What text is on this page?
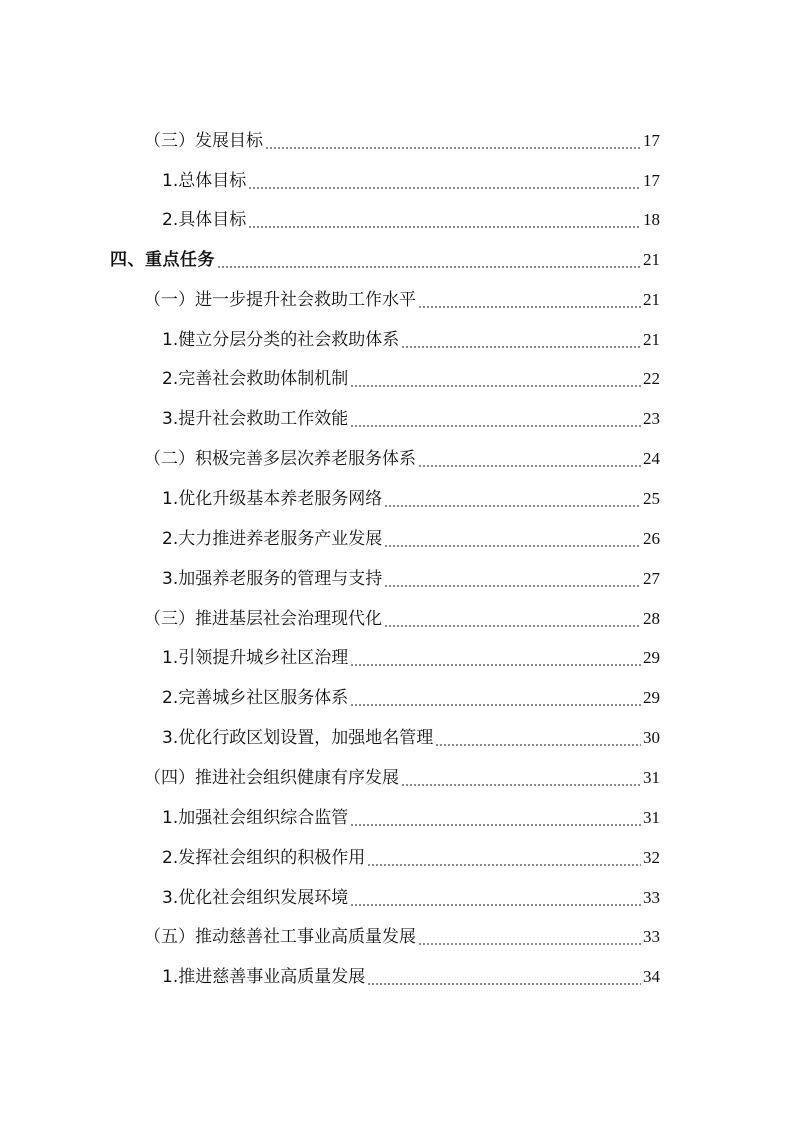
（三）发展目标	17
1.总体目标	17
2.具体目标	18
四、重点任务	21
（一）进一步提升社会救助工作水平	21
1.健立分层分类的社会救助体系	21
2.完善社会救助体制机制	22
3.提升社会救助工作效能	23
（二）积极完善多层次养老服务体系	24
1.优化升级基本养老服务网络	25
2.大力推进养老服务产业发展	26
3.加强养老服务的管理与支持	27
（三）推进基层社会治理现代化	28
1.引领提升城乡社区治理	29
2.完善城乡社区服务体系	29
3.优化行政区划设置，加强地名管理	30
（四）推进社会组织健康有序发展	31
1.加强社会组织综合监管	31
2.发挥社会组织的积极作用	32
3.优化社会组织发展环境	33
（五）推动慈善社工事业高质量发展	33
1.推进慈善事业高质量发展	34
